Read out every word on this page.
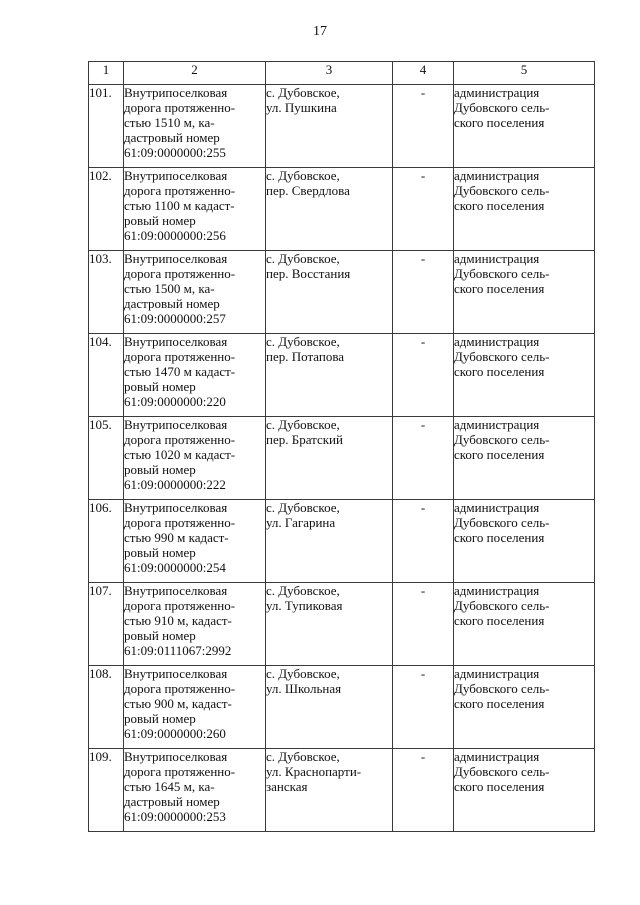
17
1	2	3	4	5
101.	Внутрипоселковая
дорога протяженно-
стью 1510 м, ка-
дастровый номер
61:09:0000000:255	с. Дубовское,
ул. Пушкина	-	администрация
Дубовского сель-
ского поселения

102.	Внутрипоселковая
дорога протяженно-
стью 1100 м кадаст-
ровый номер
61:09:0000000:256	с. Дубовское,
пер. Свердлова	-	администрация
Дубовского сель-
ского поселения

103.	Внутрипоселковая
дорога протяженно-
стью 1500 м, ка-
дастровый номер
61:09:0000000:257	с. Дубовское,
пер. Восстания	-	администрация
Дубовского сель-
ского поселения

104.	Внутрипоселковая
дорога протяженно-
стью 1470 м кадаст-
ровый номер
61:09:0000000:220	с. Дубовское,
пер. Потапова	-	администрация
Дубовского сель-
ского поселения

105.	Внутрипоселковая
дорога протяженно-
стью 1020 м кадаст-
ровый номер
61:09:0000000:222	с. Дубовское,
пер. Братский	-	администрация
Дубовского сель-
ского поселения

106.	Внутрипоселковая
дорога протяженно-
стью 990 м кадаст-
ровый номер
61:09:0000000:254	с. Дубовское,
ул. Гагарина	-	администрация
Дубовского сель-
ского поселения

107.	Внутрипоселковая
дорога протяженно-
стью 910 м, кадаст-
ровый номер
61:09:0111067:2992	с. Дубовское,
ул. Тупиковая	-	администрация
Дубовского сель-
ского поселения

108.	Внутрипоселковая
дорога протяженно-
стью 900 м, кадаст-
ровый номер
61:09:0000000:260	с. Дубовское,
ул. Школьная	-	администрация
Дубовского сель-
ского поселения

109.	Внутрипоселковая
дорога протяженно-
стью 1645 м, ка-
дастровый номер
61:09:0000000:253	с. Дубовское,
ул. Краснопарти-
занская	-	администрация
Дубовского сель-
ского поселения
